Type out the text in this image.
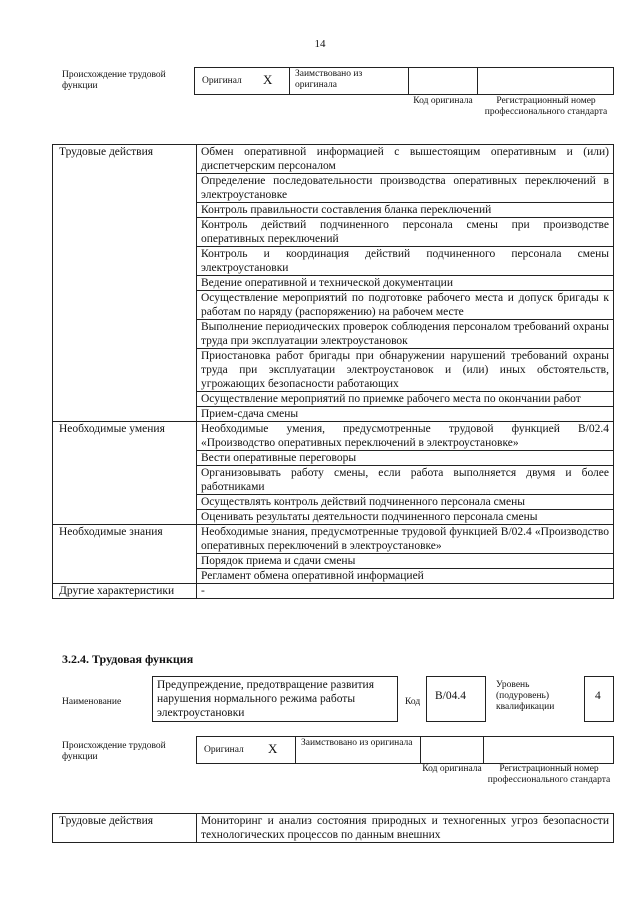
14
Происхождение трудовой функции	Оригинал X Заимствовано из оригинала
Код оригинала	Регистрационный номер профессионального стандарта
Трудовые действия	Обмен оперативной информацией с вышестоящим оперативным и (или) диспетчерским персоналом
	Определение последовательности производства оперативных переключений в электроустановке
	Контроль правильности составления бланка переключений
	Контроль действий подчиненного персонала смены при производстве оперативных переключений
	Контроль и координация действий подчиненного персонала смены электроустановки
	Ведение оперативной и технической документации
	Осуществление мероприятий по подготовке рабочего места и допуск бригады к работам по наряду (распоряжению) на рабочем месте
	Выполнение периодических проверок соблюдения персоналом требований охраны труда при эксплуатации электроустановок
	Приостановка работ бригады при обнаружении нарушений требований охраны труда при эксплуатации электроустановок и (или) иных обстоятельств, угрожающих безопасности работающих
	Осуществление мероприятий по приемке рабочего места по окончании работ
	Прием-сдача смены
Необходимые умения	Необходимые умения, предусмотренные трудовой функцией B/02.4 «Производство оперативных переключений в электроустановке»
	Вести оперативные переговоры
	Организовывать работу смены, если работа выполняется двумя и более работниками
	Осуществлять контроль действий подчиненного персонала смены
	Оценивать результаты деятельности подчиненного персонала смены
Необходимые знания	Необходимые знания, предусмотренные трудовой функцией B/02.4 «Производство оперативных переключений в электроустановке»
	Порядок приема и сдачи смены
	Регламент обмена оперативной информацией
Другие характеристики	-
3.2.4. Трудовая функция
Наименование
Предупреждение, предотвращение развития нарушения нормального режима работы электроустановки
Код B/04.4
Уровень (подуровень) квалификации
4
Происхождение трудовой функции
Оригинал X Заимствовано из оригинала
Код оригинала	Регистрационный номер профессионального стандарта
Трудовые действия	Мониторинг и анализ состояния природных и техногенных угроз безопасности технологических процессов по данным внешних
